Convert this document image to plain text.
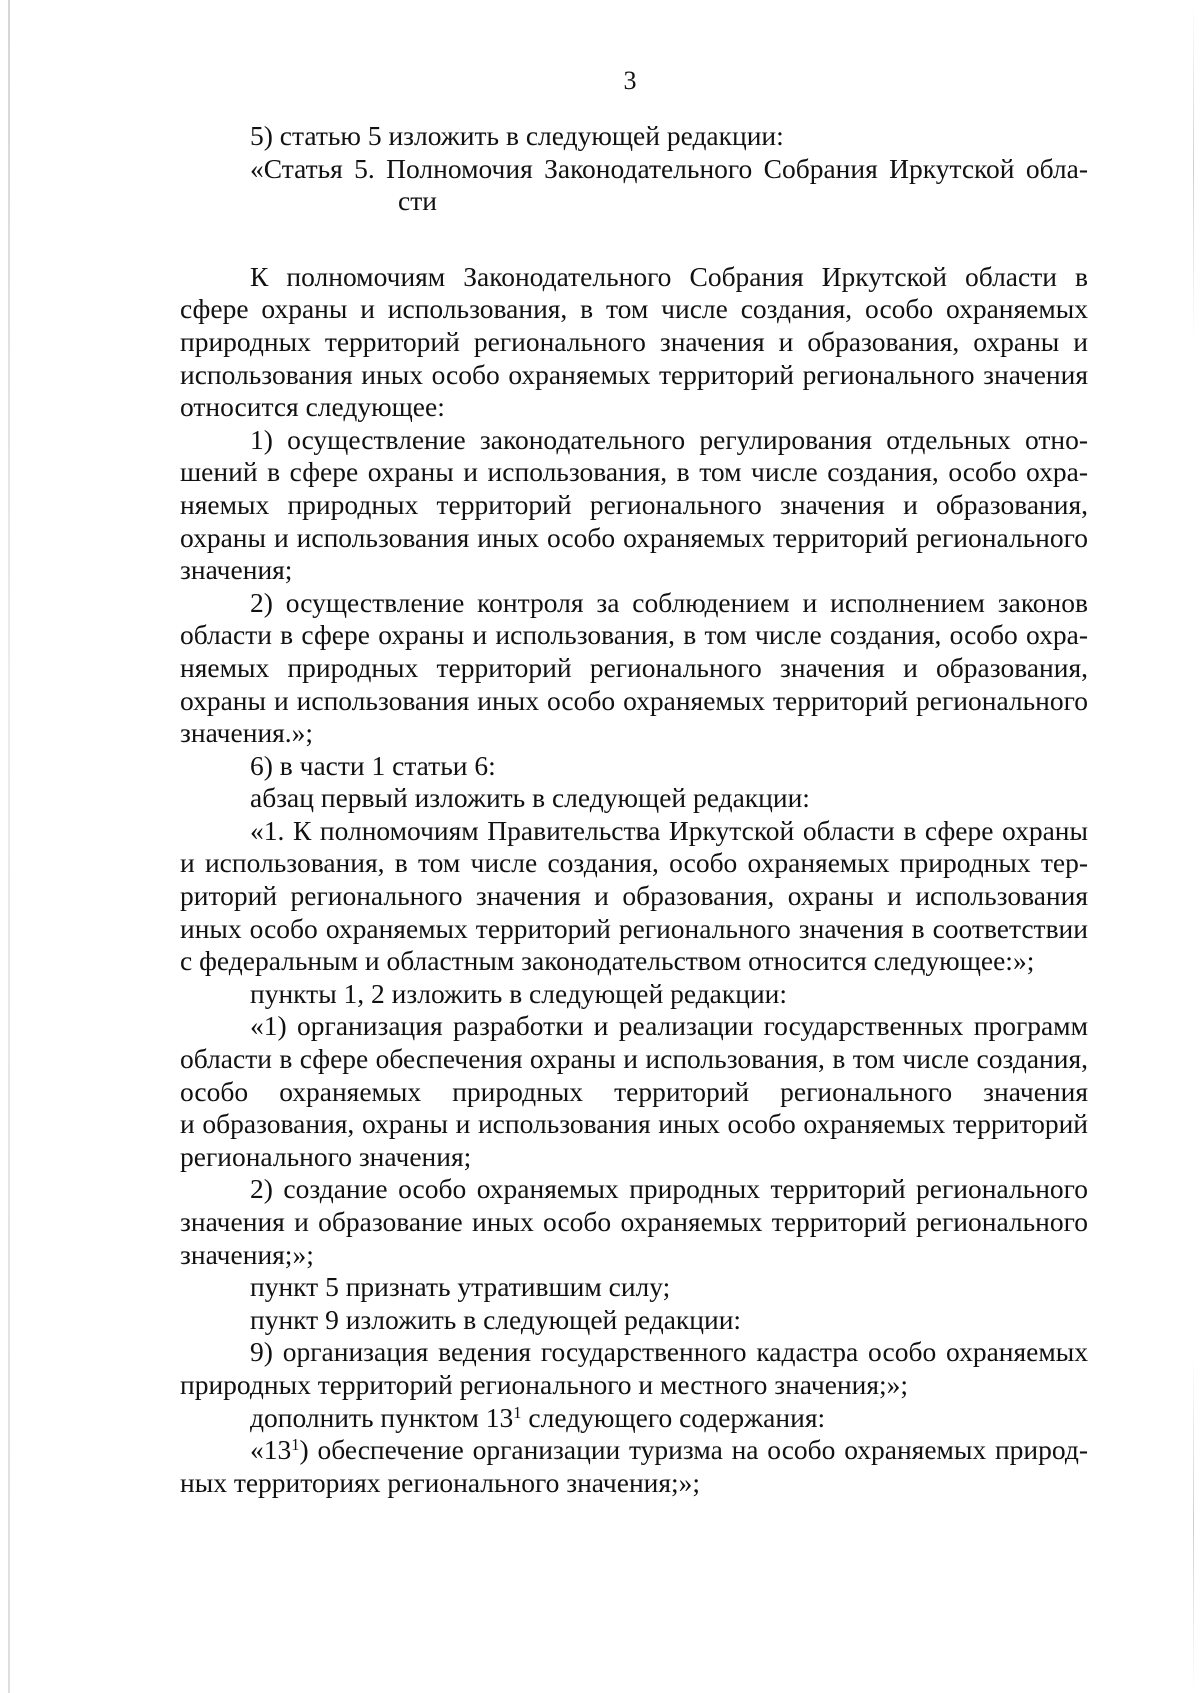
3
5) статью 5 изложить в следующей редакции:
«Статья 5. Полномочия Законодательного Собрания Иркутской обла-
сти
К полномочиям Законодательного Собрания Иркутской области в
сфере охраны и использования, в том числе создания, особо охраняемых
природных территорий регионального значения и образования, охраны и
использования иных особо охраняемых территорий регионального значения
относится следующее:
1) осуществление законодательного регулирования отдельных отно-
шений в сфере охраны и использования, в том числе создания, особо охра-
няемых природных территорий регионального значения и образования,
охраны и использования иных особо охраняемых территорий регионального
значения;
2) осуществление контроля за соблюдением и исполнением законов
области в сфере охраны и использования, в том числе создания, особо охра-
няемых природных территорий регионального значения и образования,
охраны и использования иных особо охраняемых территорий регионального
значения.»;
6) в части 1 статьи 6:
абзац первый изложить в следующей редакции:
«1. К полномочиям Правительства Иркутской области в сфере охраны
и использования, в том числе создания, особо охраняемых природных тер-
риторий регионального значения и образования, охраны и использования
иных особо охраняемых территорий регионального значения в соответствии
с федеральным и областным законодательством относится следующее:»;
пункты 1, 2 изложить в следующей редакции:
«1) организация разработки и реализации государственных программ
области в сфере обеспечения охраны и использования, в том числе создания,
особо охраняемых природных территорий регионального значения
и образования, охраны и использования иных особо охраняемых территорий
регионального значения;
2) создание особо охраняемых природных территорий регионального
значения и образование иных особо охраняемых территорий регионального
значения;»;
пункт 5 признать утратившим силу;
пункт 9 изложить в следующей редакции:
9) организация ведения государственного кадастра особо охраняемых
природных территорий регионального и местного значения;»;
дополнить пунктом $13^1$ следующего содержания:
«$13^1$) обеспечение организации туризма на особо охраняемых природ-
ных территориях регионального значения;»;
